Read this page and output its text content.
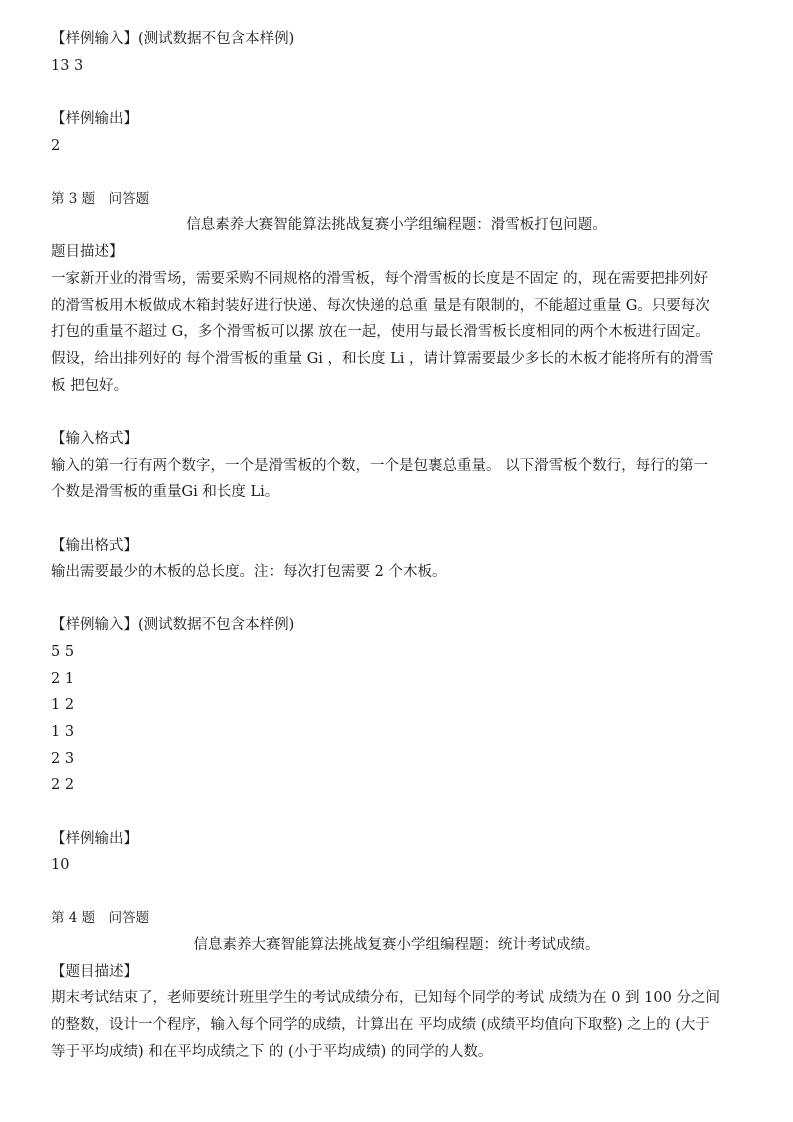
【样例输入】(测试数据不包含本样例)
13 3
【样例输出】
2
第 3 题　问答题
信息素养大赛智能算法挑战复赛小学组编程题：滑雪板打包问题。
题目描述】
一家新开业的滑雪场，需要采购不同规格的滑雪板，每个滑雪板的长度是不固定 的，现在需要把排列好
的滑雪板用木板做成木箱封装好进行快递、每次快递的总重 量是有限制的，不能超过重量 G。只要每次
打包的重量不超过 G，多个滑雪板可以摞 放在一起，使用与最长滑雪板长度相同的两个木板进行固定。
假设，给出排列好的 每个滑雪板的重量 Gi ，和长度 Li ，请计算需要最少多长的木板才能将所有的滑雪
板 把包好。
【输入格式】
输入的第一行有两个数字，一个是滑雪板的个数，一个是包裹总重量。 以下滑雪板个数行，每行的第一
个数是滑雪板的重量Gi 和长度 Li。
【输出格式】
输出需要最少的木板的总长度。注：每次打包需要 2 个木板。
【样例输入】(测试数据不包含本样例)
5 5
2 1
1 2
1 3
2 3
2 2
【样例输出】
10
第 4 题　问答题
信息素养大赛智能算法挑战复赛小学组编程题：统计考试成绩。
【题目描述】
期末考试结束了，老师要统计班里学生的考试成绩分布，已知每个同学的考试 成绩为在 0 到 100 分之间
的整数，设计一个程序，输入每个同学的成绩，计算出在 平均成绩 (成绩平均值向下取整) 之上的 (大于
等于平均成绩) 和在平均成绩之下 的 (小于平均成绩) 的同学的人数。
